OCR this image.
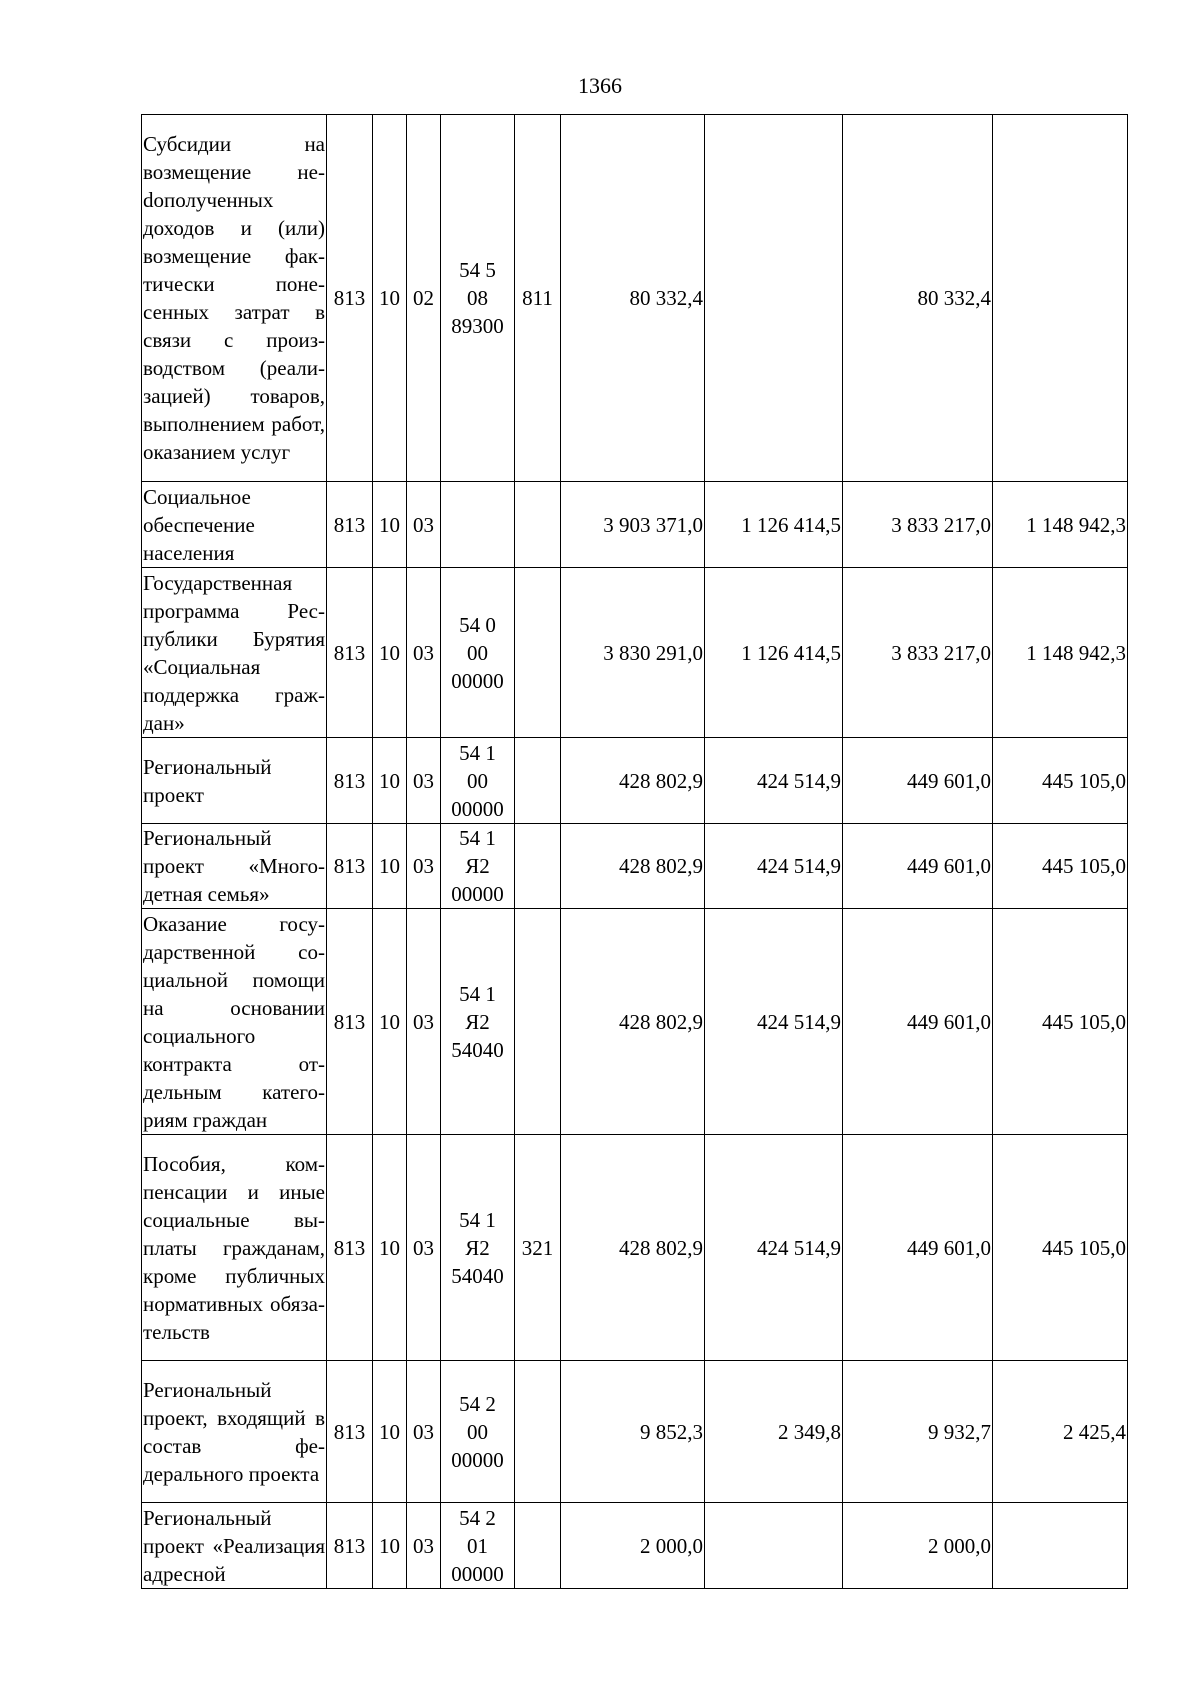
1366
Субсидии на возмещение неdополученных доходов и (или) возмещение фактически понесенных затрат в связи с производством (реализацией) товаров, выполнением работ, оказанием услуг	813	10	02	54 5
08
89300	811	80 332,4		80 332,4	
Социальное обеспечение населения	813	10	03			3 903 371,0	1 126 414,5	3 833 217,0	1 148 942,3
Государственная программа Республики Бурятия «Социальная поддержка граждан»	813	10	03	54 0
00
00000		3 830 291,0	1 126 414,5	3 833 217,0	1 148 942,3
Региональный проект	813	10	03	54 1
00
00000		428 802,9	424 514,9	449 601,0	445 105,0
Региональный проект «Многодетная семья»	813	10	03	54 1
Я2
00000		428 802,9	424 514,9	449 601,0	445 105,0
Оказание государственной социальной помощи на основании социального контракта отдельным категориям граждан	813	10	03	54 1
Я2
54040		428 802,9	424 514,9	449 601,0	445 105,0
Пособия, компенсации и иные социальные выплаты гражданам, кроме публичных нормативных обязательств	813	10	03	54 1
Я2
54040	321	428 802,9	424 514,9	449 601,0	445 105,0
Региональный проект, входящий в состав федерального проекта	813	10	03	54 2
00
00000		9 852,3	2 349,8	9 932,7	2 425,4
Региональный проект «Реализация адресной	813	10	03	54 2
01
00000		2 000,0		2 000,0	
